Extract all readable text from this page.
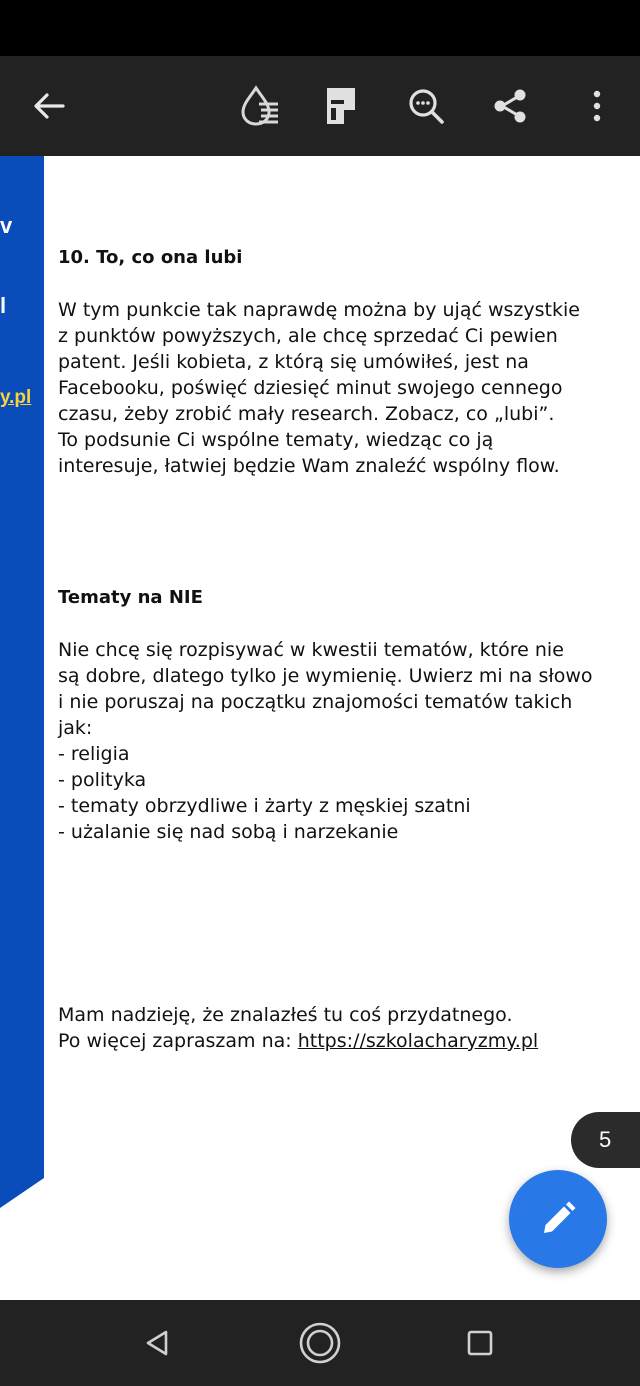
v
l
y.pl
10. To, co ona lubi
W tym punkcie tak naprawdę można by ująć wszystkie
z punktów powyższych, ale chcę sprzedać Ci pewien
patent. Jeśli kobieta, z którą się umówiłeś, jest na
Facebooku, poświęć dziesięć minut swojego cennego
czasu, żeby zrobić mały research. Zobacz, co „lubi”.
To podsunie Ci wspólne tematy, wiedząc co ją
interesuje, łatwiej będzie Wam znaleźć wspólny flow.
Tematy na NIE
Nie chcę się rozpisywać w kwestii tematów, które nie
są dobre, dlatego tylko je wymienię. Uwierz mi na słowo
i nie poruszaj na początku znajomości tematów takich
jak:
- religia
- polityka
- tematy obrzydliwe i żarty z męskiej szatni
- użalanie się nad sobą i narzekanie
Mam nadzieję, że znalazłeś tu coś przydatnego.
Po więcej zapraszam na: https://szkolacharyzmy.pl
5
